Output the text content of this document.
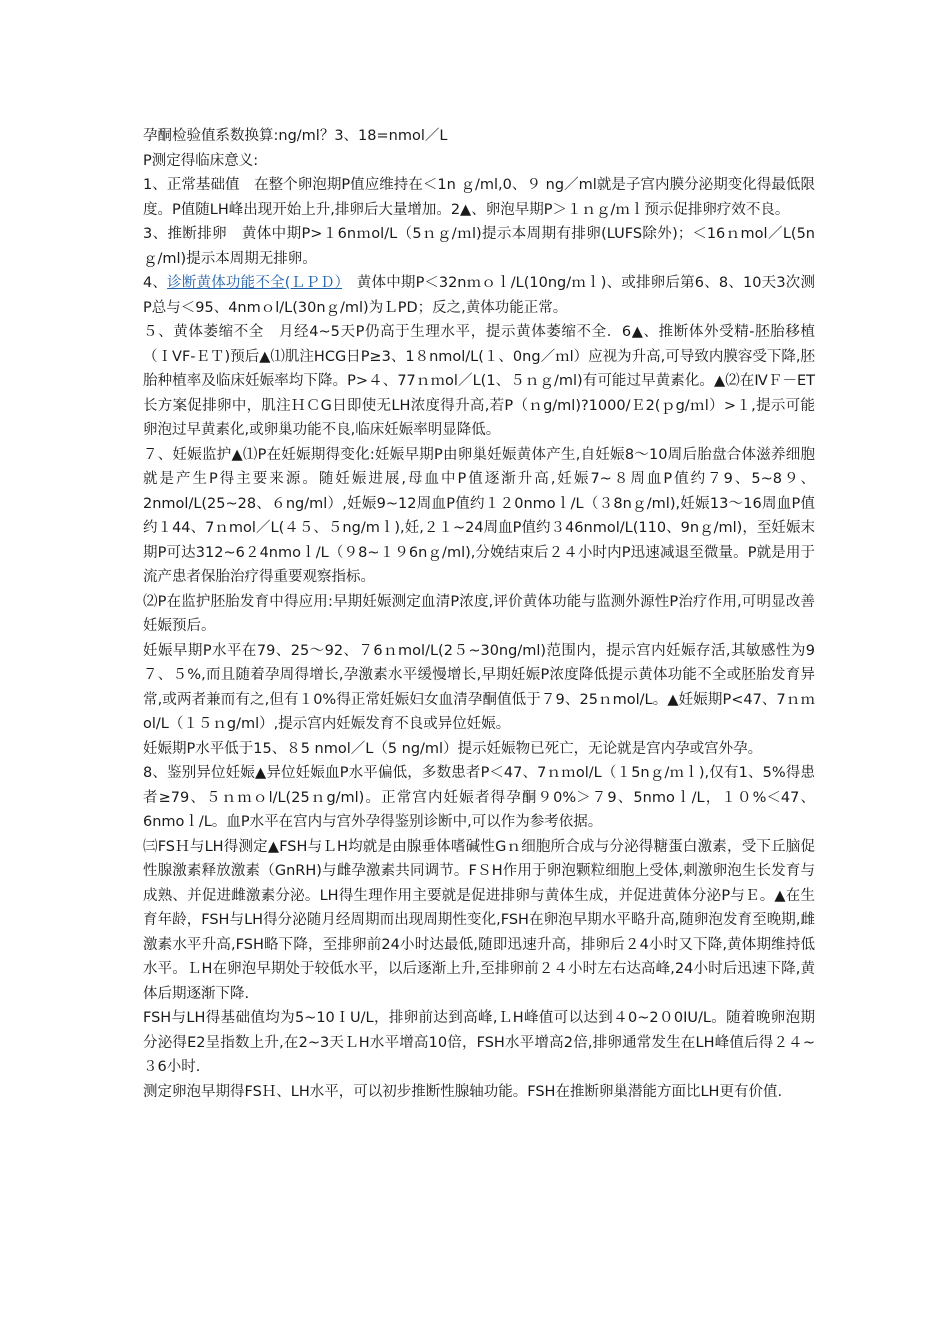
孕酮检验值系数换算:ng/ml？3、18=nmol／L

P测定得临床意义:

1、正常基础值　在整个卵泡期P值应维持在＜1n ｇ/ml,0、９ ng／ml就是子宫内膜分泌期变化得最低限度。P值随LH峰出现开始上升,排卵后大量增加。2▲、卵泡早期P＞１ｎｇ/ｍｌ预示促排卵疗效不良。

3、推断排卵　黄体中期P>１6nｍol/L（5ｎｇ/ｍl)提示本周期有排卵(LUFS除外)；＜16ｎmol／L(5nｇ/ml)提示本周期无排卵。

4、诊断黄体功能不全(ＬＰＤ）　黄体中期P＜32nｍｏｌ/L(10ng/ｍｌ)、或排卵后第6、8、10天3次测P总与＜95、4nmｏl/L(30nｇ/ml)为ＬPD；反之,黄体功能正常。

５、黄体萎缩不全　月经4~5天P仍高于生理水平，提示黄体萎缩不全．6▲、推断体外受精-胚胎移植（ＩVF-ＥＴ)预后▲⑴肌注HCG日P≥3、1８nmol/L(１、0ng／ｍl）应视为升高,可导致内膜容受下降,胚胎种植率及临床妊娠率均下降。P>４、77ｎｍol／L(1、５ｎｇ/ml)有可能过早黄素化。▲⑵在ⅣＦ－ET长方案促排卵中，肌注ＨＣG日即使无LH浓度得升高,若P（ｎg/ml)?1000/Ｅ2(ｐg/ｍl）>１,提示可能卵泡过早黄素化,或卵巢功能不良,临床妊娠率明显降低。

７、妊娠监护▲⑴P在妊娠期得变化:妊娠早期P由卵巢妊娠黄体产生,自妊娠8～10周后胎盘合体滋养细胞就是产生P得主要来源。随妊娠进展,母血中P值逐渐升高,妊娠7~８周血P值约７9、5~8９、2nmol/L(25~28、６ng/ml）,妊娠9~12周血P值约１２0nmoｌ/L（３8nｇ/ml),妊娠13～16周血P值约１44、7ｎmol／L(４５、５ng/mｌ),妊,２１~24周血P值约３46nmol/L(110、9nｇ/ml)，至妊娠末期P可达312~6２4nmoｌ/L（９8~１９6nｇ/ml),分娩结束后２４小时内P迅速减退至微量。P就是用于流产患者保胎治疗得重要观察指标。

⑵P在监护胚胎发育中得应用:早期妊娠测定血清P浓度,评价黄体功能与监测外源性P治疗作用,可明显改善妊娠预后。

妊娠早期P水平在79、25～92、７6ｎmol/L(2５~30ng/ml)范围内，提示宫内妊娠存活,其敏感性为9７、５%,而且随着孕周得增长,孕激素水平缓慢增长,早期妊娠P浓度降低提示黄体功能不全或胚胎发育异常,或两者兼而有之,但有１0%得正常妊娠妇女血清孕酮值低于７9、25ｎmol/L。▲妊娠期P<47、7ｎｍol/L（１５ｎg/ml）,提示宫内妊娠发育不良或异位妊娠。

妊娠期P水平低于15、８5 nmol／L（5 ng/ml）提示妊娠物已死亡，无论就是宫内孕或宫外孕。

8、鉴别异位妊娠▲异位妊娠血P水平偏低，多数患者P＜47、7ｎｍol/L（１5nｇ/ｍｌ),仅有1、5%得患者≥79、５ｎｍｏl/L(25ｎg/ml)。正常宫内妊娠者得孕酮９0%＞７9、5nmoｌ/L，１０%＜47、6nmoｌ/L。血P水平在宫内与宫外孕得鉴别诊断中,可以作为参考依据。

㈢FSＨ与LH得测定▲FSH与ＬH均就是由腺垂体嗜碱性Gｎ细胞所合成与分泌得糖蛋白激素，受下丘脑促性腺激素释放激素（GnRH)与雌孕激素共同调节。FＳH作用于卵泡颗粒细胞上受体,刺激卵泡生长发育与成熟、并促进雌激素分泌。LH得生理作用主要就是促进排卵与黄体生成，并促进黄体分泌P与Ｅ。▲在生育年龄，FSH与LH得分泌随月经周期而出现周期性变化,FSH在卵泡早期水平略升高,随卵泡发育至晚期,雌激素水平升高,FSH略下降，至排卵前24小时达最低,随即迅速升高，排卵后２4小时又下降,黄体期维持低水平。ＬH在卵泡早期处于较低水平，以后逐渐上升,至排卵前２４小时左右达高峰,24小时后迅速下降,黄体后期逐渐下降.

FSH与LH得基础值均为5~10ＩU/L，排卵前达到高峰,ＬH峰值可以达到４0~2０0IU/L。随着晚卵泡期分泌得E2呈指数上升,在2~3天ＬH水平增高10倍，FSH水平增高2倍,排卵通常发生在LH峰值后得２４~３6小时.

测定卵泡早期得FSＨ、LH水平，可以初步推断性腺轴功能。FSH在推断卵巢潜能方面比LH更有价值.
